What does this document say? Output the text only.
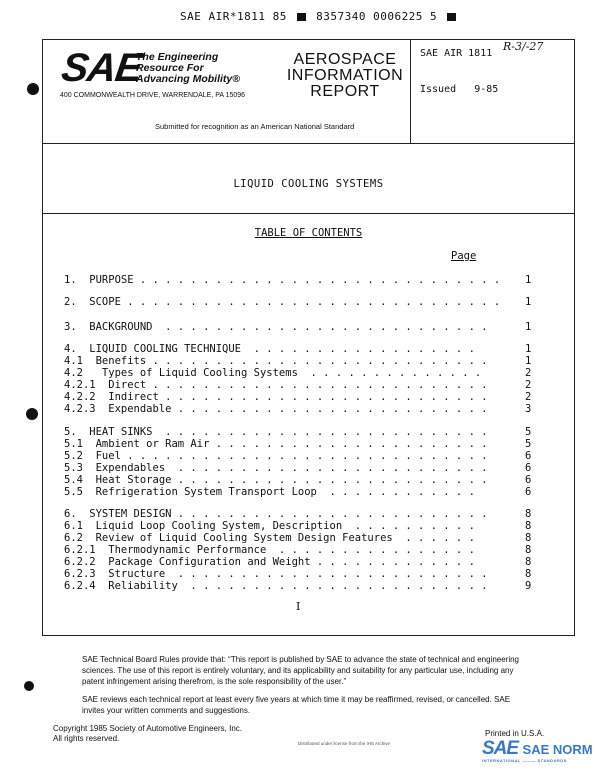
SAE AIR*1811 85	8357340 0006225 5
SAE
The Engineering
Resource For
Advancing Mobility®
400 COMMONWEALTH DRIVE, WARRENDALE, PA 15096
AEROSPACE
INFORMATION
REPORT
SAE AIR 1811
R-3/-27
Issued 9-85
Submitted for recognition as an American National Standard
LIQUID COOLING SYSTEMS
TABLE OF CONTENTS
Page
1.  PURPOSE . . . . . . . . . . . . . . . . . . . . . . . . . . . . . 1
2.  SCOPE . . . . . . . . . . . . . . . . . . . . . . . . . . . . . . 1
3.  BACKGROUND  . . . . . . . . . . . . . . . . . . . . . . . . . .	1
4.  LIQUID COOLING TECHNIQUE  . . . . . . . . . . . . . . . . . .	1
4.1  Benefits . . . . . . . . . . . . . . . . . . . . . . . . . . .	1
4.2   Types of Liquid Cooling Systems  . . . . . . . . . . . . . .	2
4.2.1  Direct . . . . . . . . . . . . . . . . . . . . . . . . . . .	2
4.2.2  Indirect . . . . . . . . . . . . . . . . . . . . . . . . . .	2
4.2.3  Expendable . . . . . . . . . . . . . . . . . . . . . . . . .	3
5.  HEAT SINKS  . . . . . . . . . . . . . . . . . . . . . . . . . .	5
5.1  Ambient or Ram Air . . . . . . . . . . . . . . . . . . . . . .	5
5.2  Fuel . . . . . . . . . . . . . . . . . . . . . . . . . . . . .	6
5.3  Expendables  . . . . . . . . . . . . . . . . . . . . . . . . .	6
5.4  Heat Storage . . . . . . . . . . . . . . . . . . . . . . . . .	6
5.5  Refrigeration System Transport Loop  . . . . . . . . . . . .	6
6.  SYSTEM DESIGN . . . . . . . . . . . . . . . . . . . . . . . . .	8
6.1  Liquid Loop Cooling System, Description  . . . . . . . . . .	8
6.2  Review of Liquid Cooling System Design Features  . . . . . .	8
6.2.1  Thermodynamic Performance  . . . . . . . . . . . . . . . .	8
6.2.2  Package Configuration and Weight . . . . . . . . . . . . .	8
6.2.3  Structure  . . . . . . . . . . . . . . . . . . . . . . . . .	8
6.2.4  Reliability  . . . . . . . . . . . . . . . . . . . . . . . .	9
I
SAE Technical Board Rules provide that: “This report is published by SAE to advance the state of technical and engineering sciences. The use of this report is entirely voluntary, and its applicability and suitability for any particular use, including any patent infringement arising therefrom, is the sole responsibility of the user.”
SAE reviews each technical report at least every five years at which time it may be reaffirmed, revised, or cancelled. SAE invites your written comments and suggestions.
Copyright 1985 Society of Automotive Engineers, Inc.
All rights reserved.
Printed in U.S.A.
Distributed under license from the IHS Archive	SAE SAE NORM
INTERNATIONAL ——— STANDARDS
